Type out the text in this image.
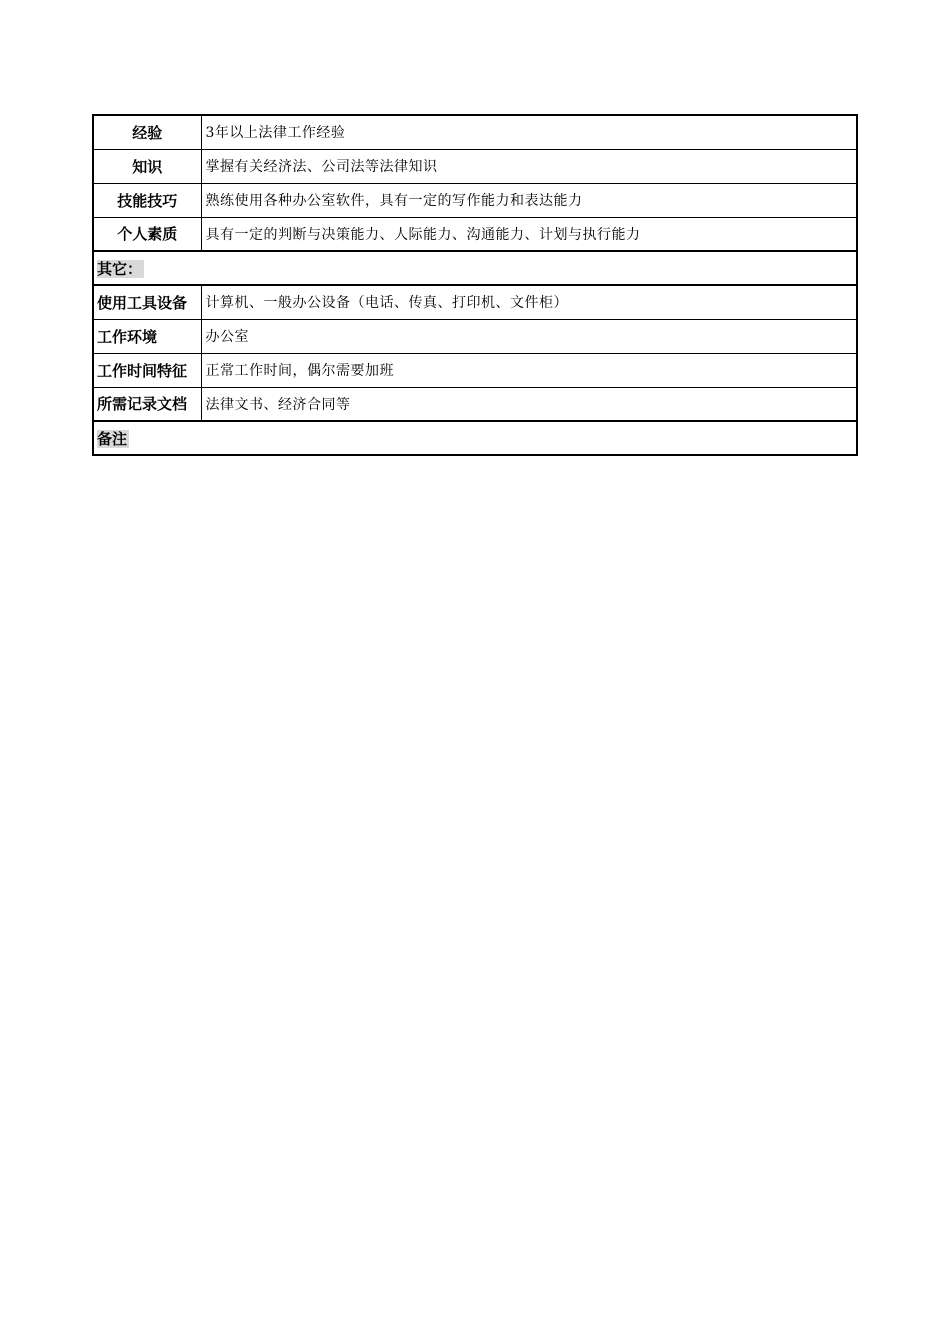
经验	3年以上法律工作经验
知识	掌握有关经济法、公司法等法律知识
技能技巧	熟练使用各种办公室软件，具有一定的写作能力和表达能力
个人素质	具有一定的判断与决策能力、人际能力、沟通能力、计划与执行能力
其它：	
使用工具设备	计算机、一般办公设备（电话、传真、打印机、文件柜）
工作环境	办公室
工作时间特征	正常工作时间，偶尔需要加班
所需记录文档	法律文书、经济合同等
备注	
